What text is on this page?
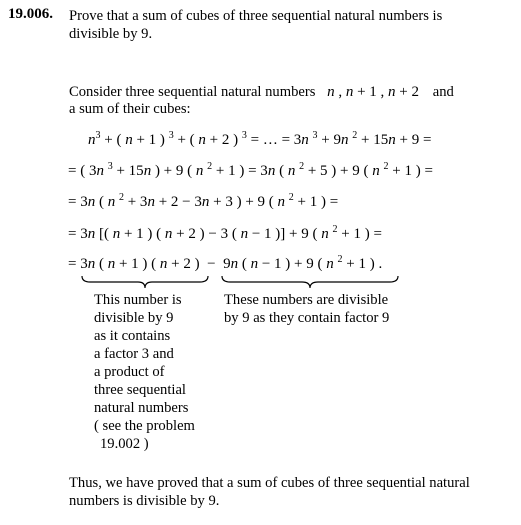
19.006. Prove that a sum of cubes of three sequential natural numbers is
divisible by 9.
Consider three sequential natural numbers n , n + 1 , n + 2 and
a sum of their cubes:
$n^3$ + ( n + 1 ) $^3$ + ( n + 2 ) $^3$ = … = 3n $^3$ + 9n $^2$ + 15n + 9 =
= ( 3n $^3$ + 15n ) + 9 ( n $^2$ + 1 ) = 3n ( n $^2$ + 5 ) + 9 ( n $^2$ + 1 ) =
= 3n ( n $^2$ + 3n + 2 − 3n + 3 ) + 9 ( n $^2$ + 1 ) =
= 3n [( n + 1 ) ( n + 2 ) − 3 ( n − 1 )] + 9 ( n $^2$ + 1 ) =
= 3n ( n + 1 ) ( n + 2 )  −  9n ( n − 1 ) + 9 ( n $^2$ + 1 ) .
This number is
divisible by 9
as it contains
a factor 3 and
a product of
three sequential
natural numbers
( see the problem
19.002 )
These numbers are divisible
by 9 as they contain factor 9
Thus, we have proved that a sum of cubes of three sequential natural
numbers is divisible by 9.
